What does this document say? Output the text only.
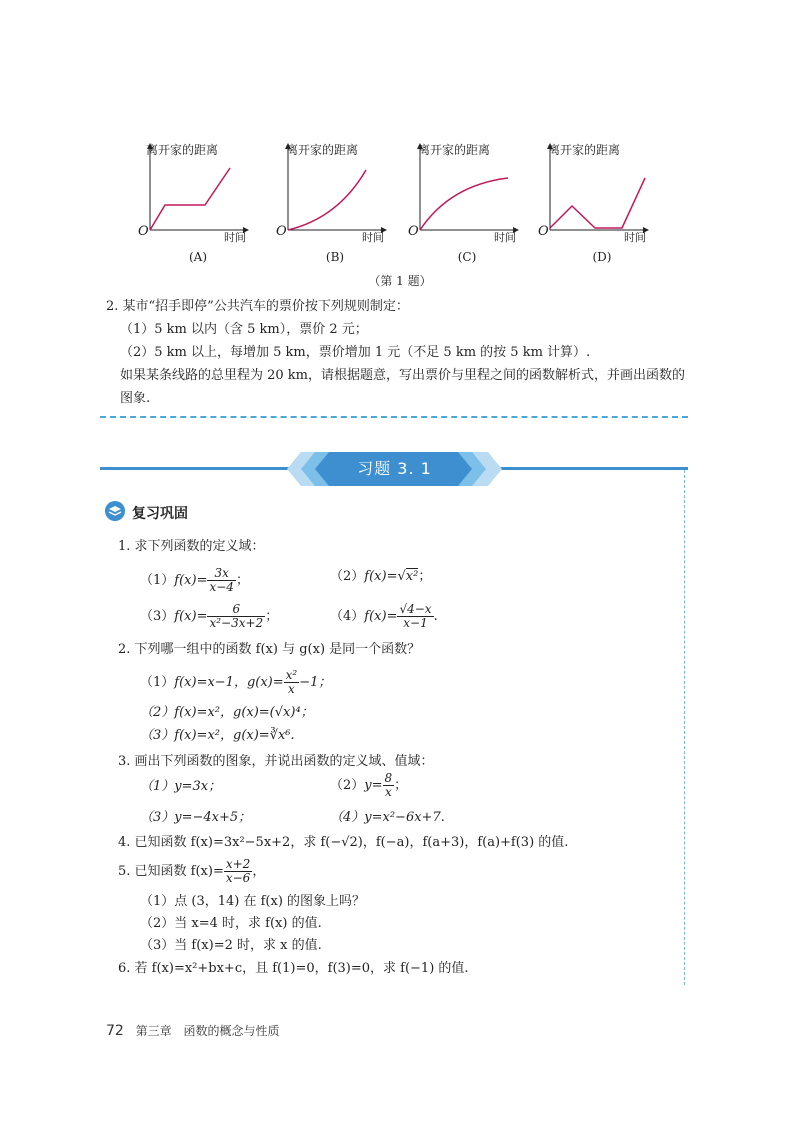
离开家的距离	离开家的距离	离开家的距离	离开家的距离
时间	时间	时间	时间
O	O	O	O
(A)	(B)	(C)	(D)
（第 1 题）
2. 某市“招手即停”公共汽车的票价按下列规则制定：
（1）5 km 以内（含 5 km），票价 2 元；
（2）5 km 以上，每增加 5 km，票价增加 1 元（不足 5 km 的按 5 km 计算）.
如果某条线路的总里程为 20 km，请根据题意，写出票价与里程之间的函数解析式，并画出函数的
图象.
习题 3. 1
复习巩固
1. 求下列函数的定义域：
$(1)f(x)= \frac{3x}{x-4}$ ；	（2）f(x)=√x²；
$(3)f(x)= \frac{6}{\text{x²−3x+2}}$ ；	$(4)f(x)= \frac{√4-x}{x-1}$ .
2. 下列哪一组中的函数 f(x) 与 g(x) 是同一个函数？
（1）f(x)=x−1，$g(x)= \frac{\text{x²}}{x} -1$；
（2）f(x)=x²，g(x)=(√x)⁴；
（3）f(x)=x²，g(x)=∛x⁶.
3. 画出下列函数的图象，并说出函数的定义域、值域：
（1）y=3x；	$(2)y= \frac{8}{x}$ ；
（3）y=−4x+5；	（4）y=x²−6x+7.
4. 已知函数 f(x)=3x²−5x+2，求 f(−√2)，f(−a)，f(a+3)，f(a)+f(3) 的值.
5. 已知函数 $f(x)= \frac{x+2}{x-6}$ ，
（1）点 (3，14) 在 f(x) 的图象上吗？
（2）当 x=4 时，求 f(x) 的值.
（3）当 f(x)=2 时，求 x 的值.
6. 若 f(x)=x²+bx+c，且 f(1)=0，f(3)=0，求 f(−1) 的值.
72 第三章 函数的概念与性质
